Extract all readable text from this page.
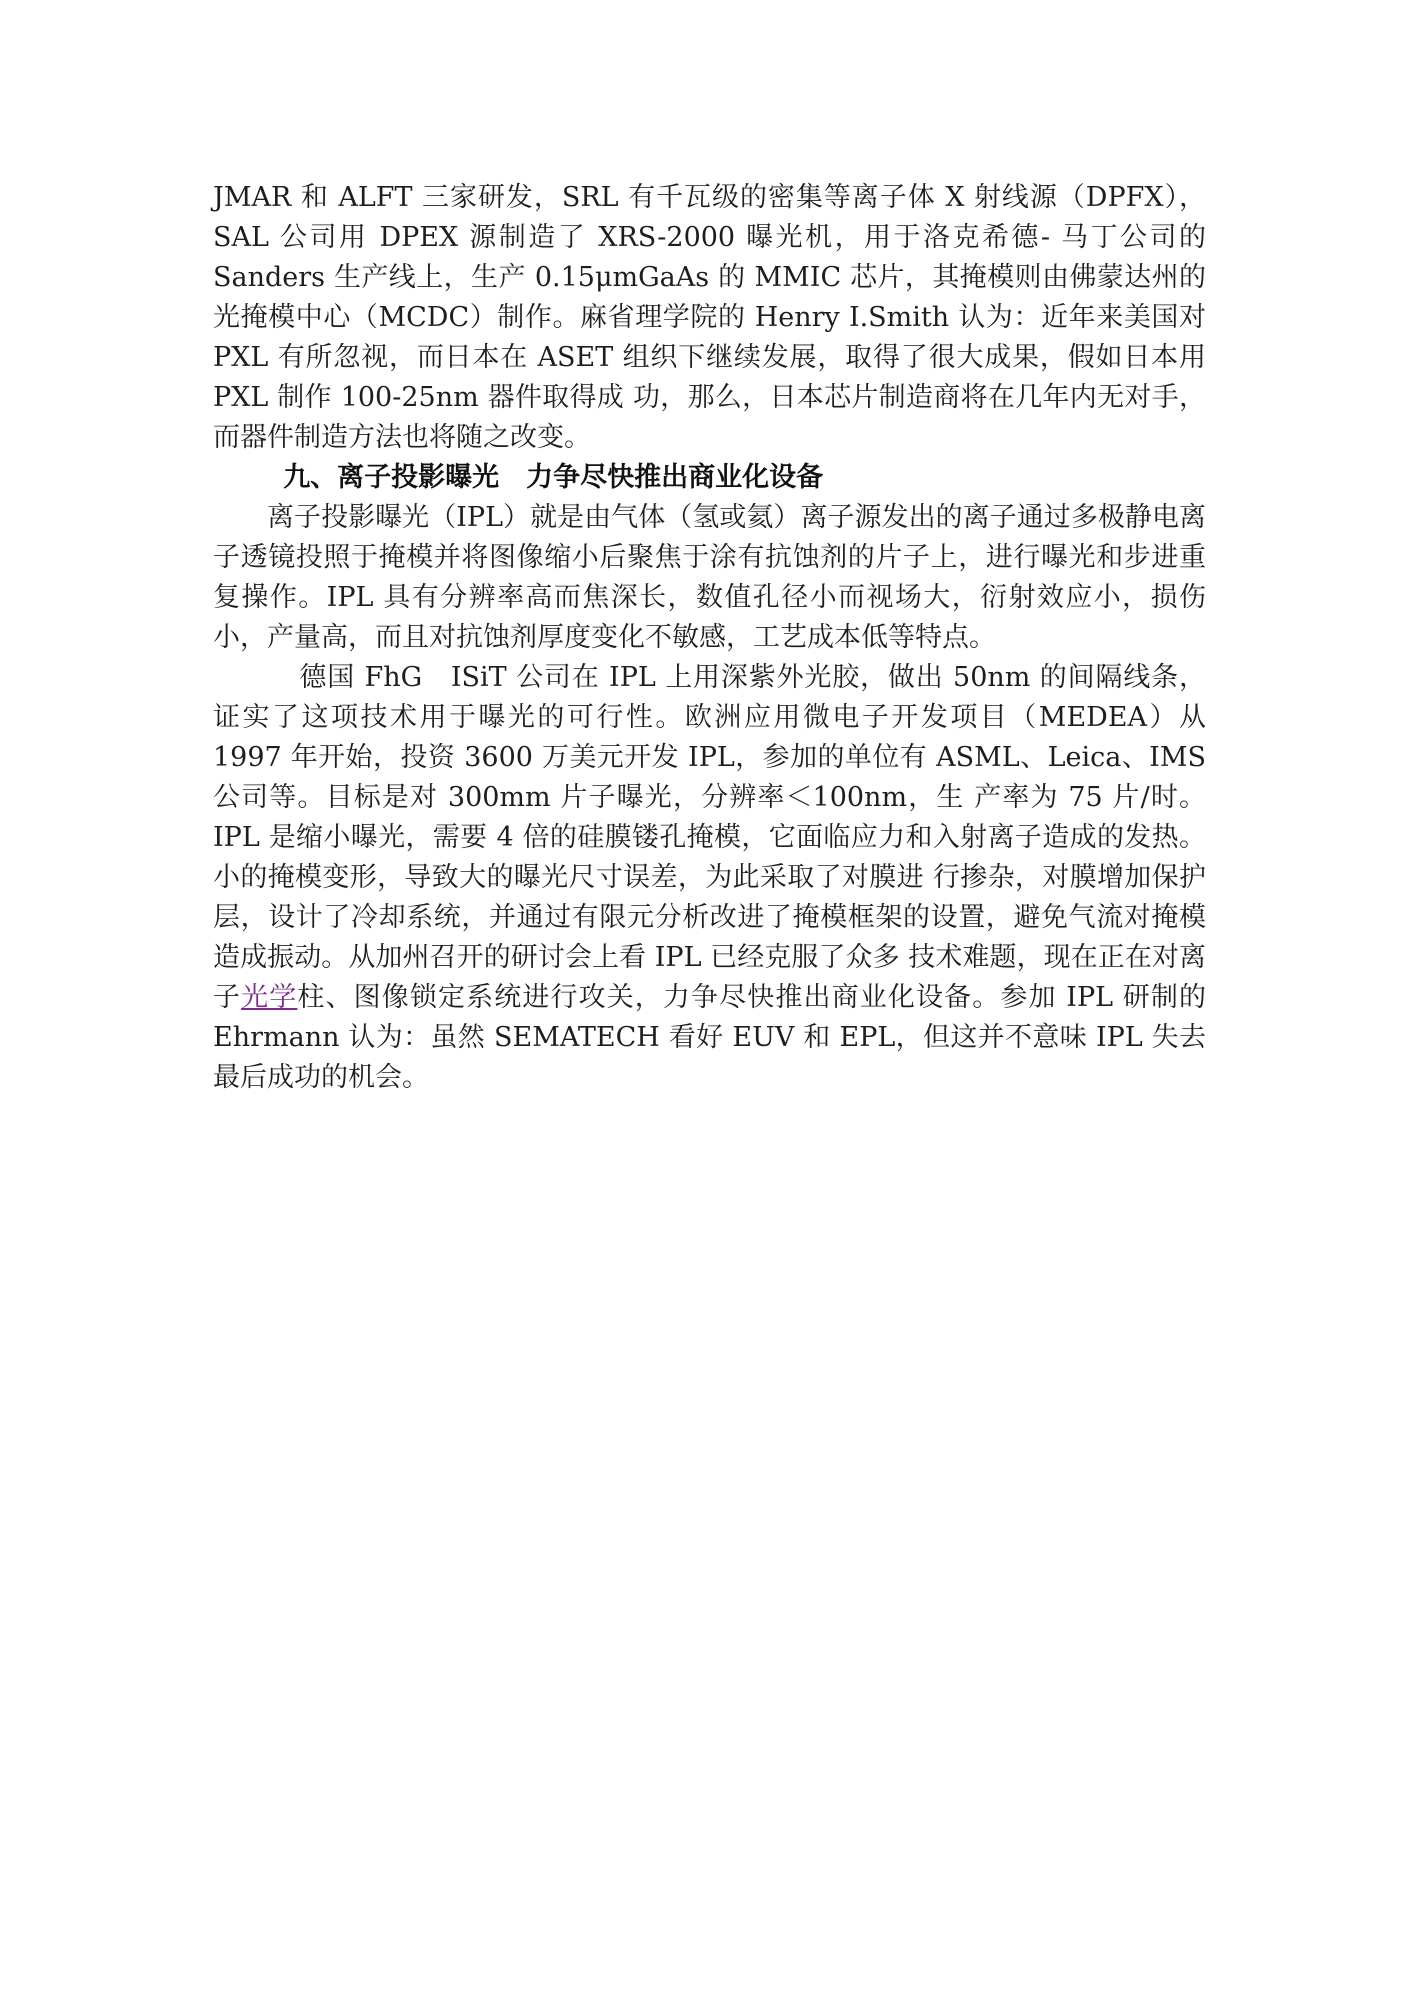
JMAR 和 ALFT 三家研发，SRL 有千瓦级的密集等离子体 X 射线源（DPFX），SAL 公司用 DPEX 源制造了 XRS-2000 曝光机，用于洛克希德- 马丁公司的 Sanders 生产线上，生产 0.15μmGaAs 的 MMIC 芯片，其掩模则由佛蒙达州的光掩模中心（MCDC）制作。麻省理学院的 Henry I.Smith 认为：近年来美国对 PXL 有所忽视，而日本在 ASET 组织下继续发展，取得了很大成果，假如日本用 PXL 制作 100-25nm 器件取得成 功，那么，日本芯片制造商将在几年内无对手，而器件制造方法也将随之改变。

九、离子投影曝光　力争尽快推出商业化设备

离子投影曝光（IPL）就是由气体（氢或氦）离子源发出的离子通过多极静电离子透镜投照于掩模并将图像缩小后聚焦于涂有抗蚀剂的片子上，进行曝光和步进重 复操作。IPL 具有分辨率高而焦深长，数值孔径小而视场大，衍射效应小，损伤小，产量高，而且对抗蚀剂厚度变化不敏感，工艺成本低等特点。

德国 FhG　ISiT 公司在 IPL 上用深紫外光胶，做出 50nm 的间隔线条，证实了这项技术用于曝光的可行性。欧洲应用微电子开发项目（MEDEA）从 1997 年开始，投资 3600 万美元开发 IPL，参加的单位有 ASML、Leica、IMS 公司等。目标是对 300mm 片子曝光，分辨率＜100nm，生 产率为 75 片/时。IPL 是缩小曝光，需要 4 倍的硅膜镂孔掩模，它面临应力和入射离子造成的发热。小的掩模变形，导致大的曝光尺寸误差，为此采取了对膜进 行掺杂，对膜增加保护层，设计了冷却系统，并通过有限元分析改进了掩模框架的设置，避免气流对掩模造成振动。从加州召开的研讨会上看 IPL 已经克服了众多 技术难题，现在正在对离子光学柱、图像锁定系统进行攻关，力争尽快推出商业化设备。参加 IPL 研制的 Ehrmann 认为：虽然 SEMATECH 看好 EUV 和 EPL，但这并不意味 IPL 失去最后成功的机会。
